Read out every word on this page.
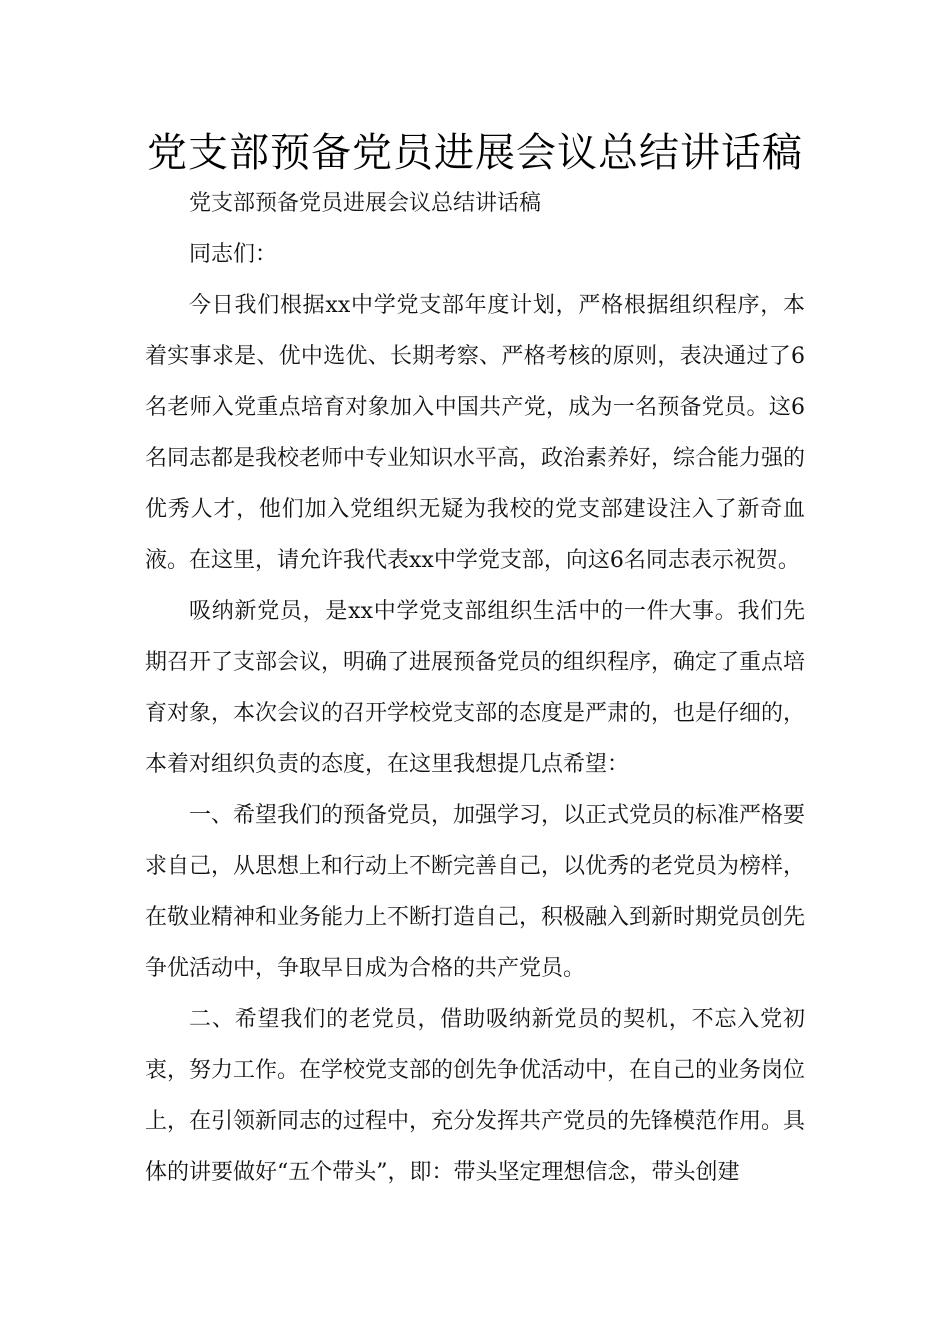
党支部预备党员进展会议总结讲话稿

党支部预备党员进展会议总结讲话稿

同志们：

今日我们根据xx中学党支部年度计划，严格根据组织程序，本着实事求是、优中选优、长期考察、严格考核的原则，表决通过了6名老师入党重点培育对象加入中国共产党，成为一名预备党员。这6名同志都是我校老师中专业知识水平高，政治素养好，综合能力强的优秀人才，他们加入党组织无疑为我校的党支部建设注入了新奇血液。在这里，请允许我代表xx中学党支部，向这6名同志表示祝贺。

吸纳新党员，是xx中学党支部组织生活中的一件大事。我们先期召开了支部会议，明确了进展预备党员的组织程序，确定了重点培育对象，本次会议的召开学校党支部的态度是严肃的，也是仔细的，本着对组织负责的态度，在这里我想提几点希望：

一、希望我们的预备党员，加强学习，以正式党员的标准严格要求自己，从思想上和行动上不断完善自己，以优秀的老党员为榜样，在敬业精神和业务能力上不断打造自己，积极融入到新时期党员创先争优活动中，争取早日成为合格的共产党员。

二、希望我们的老党员，借助吸纳新党员的契机，不忘入党初衷，努力工作。在学校党支部的创先争优活动中，在自己的业务岗位上，在引领新同志的过程中，充分发挥共产党员的先锋模范作用。具体的讲要做好“五个带头”，即：带头坚定理想信念，带头创建
